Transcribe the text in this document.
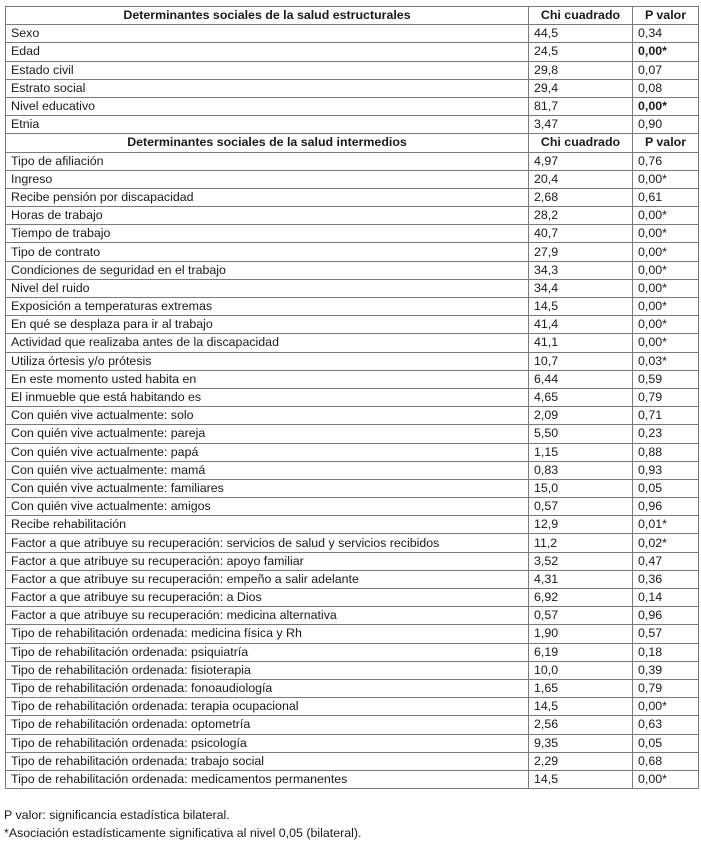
Determinantes sociales de la salud estructurales	Chi cuadrado	P valor
Sexo	44,5	0,34
Edad	24,5	0,00*
Estado civil	29,8	0,07
Estrato social	29,4	0,08
Nivel educativo	81,7	0,00*
Etnia	3,47	0,90
Determinantes sociales de la salud intermedios	Chi cuadrado	P valor
Tipo de afiliación	4,97	0,76
Ingreso	20,4	0,00*
Recibe pensión por discapacidad	2,68	0,61
Horas de trabajo	28,2	0,00*
Tiempo de trabajo	40,7	0,00*
Tipo de contrato	27,9	0,00*
Condiciones de seguridad en el trabajo	34,3	0,00*
Nivel del ruido	34,4	0,00*
Exposición a temperaturas extremas	14,5	0,00*
En qué se desplaza para ir al trabajo	41,4	0,00*
Actividad que realizaba antes de la discapacidad	41,1	0,00*
Utiliza órtesis y/o prótesis	10,7	0,03*
En este momento usted habita en	6,44	0,59
El inmueble que está habitando es	4,65	0,79
Con quién vive actualmente: solo	2,09	0,71
Con quién vive actualmente: pareja	5,50	0,23
Con quién vive actualmente: papá	1,15	0,88
Con quién vive actualmente: mamá	0,83	0,93
Con quién vive actualmente: familiares	15,0	0,05
Con quién vive actualmente: amigos	0,57	0,96
Recibe rehabilitación	12,9	0,01*
Factor a que atribuye su recuperación: servicios de salud y servicios recibidos	11,2	0,02*
Factor a que atribuye su recuperación: apoyo familiar	3,52	0,47
Factor a que atribuye su recuperación: empeño a salir adelante	4,31	0,36
Factor a que atribuye su recuperación: a Dios	6,92	0,14
Factor a que atribuye su recuperación: medicina alternativa	0,57	0,96
Tipo de rehabilitación ordenada: medicina física y Rh	1,90	0,57
Tipo de rehabilitación ordenada: psiquiatría	6,19	0,18
Tipo de rehabilitación ordenada: fisioterapia	10,0	0,39
Tipo de rehabilitación ordenada: fonoaudiología	1,65	0,79
Tipo de rehabilitación ordenada: terapia ocupacional	14,5	0,00*
Tipo de rehabilitación ordenada: optometría	2,56	0,63
Tipo de rehabilitación ordenada: psicología	9,35	0,05
Tipo de rehabilitación ordenada: trabajo social	2,29	0,68
Tipo de rehabilitación ordenada: medicamentos permanentes	14,5	0,00*

P valor: significancia estadística bilateral.

*Asociación estadísticamente significativa al nivel 0,05 (bilateral).
